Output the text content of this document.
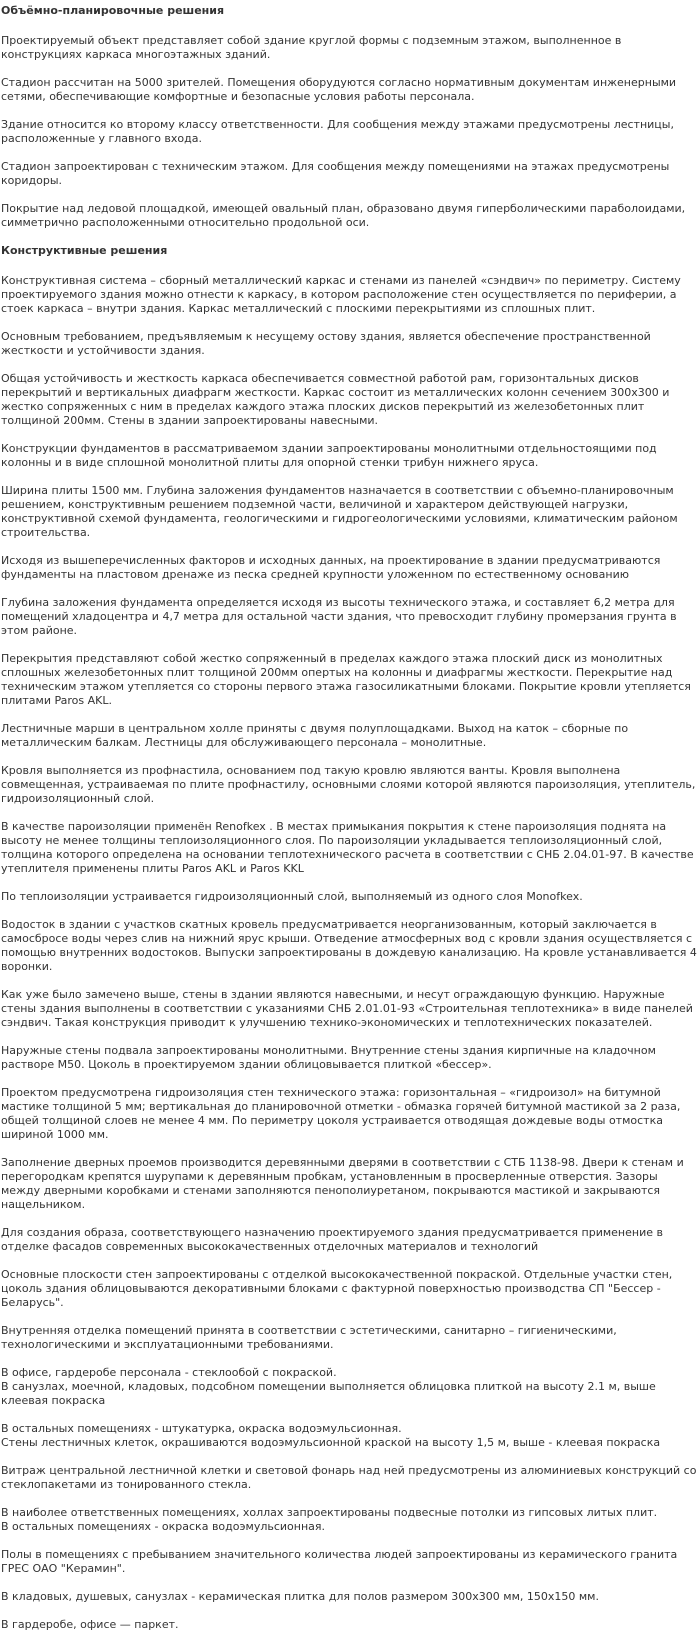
Объёмно-планировочные решения

Проектируемый объект представляет собой здание круглой формы с подземным этажом, выполненное в конструкциях каркаса многоэтажных зданий.

Стадион рассчитан на 5000 зрителей. Помещения оборудуются согласно нормативным документам инженерными сетями, обеспечивающие комфортные и безопасные условия работы персонала.

Здание относится ко второму классу ответственности. Для сообщения между этажами предусмотрены лестницы, расположенные у главного входа.

Стадион запроектирован с техническим этажом. Для сообщения между помещениями на этажах предусмотрены коридоры.

Покрытие над ледовой площадкой, имеющей овальный план, образовано двумя гиперболическими параболоидами, симметрично расположенными относительно продольной оси.

Конструктивные решения

Конструктивная система – сборный металлический каркас и стенами из панелей «сэндвич» по периметру. Систему проектируемого здания можно отнести к каркасу, в котором расположение стен осуществляется по периферии, а стоек каркаса – внутри здания. Каркас металлический с плоскими перекрытиями из сплошных плит.

Основным требованием, предъявляемым к несущему остову здания, является обеспечение пространственной жесткости и устойчивости здания.

Общая устойчивость и жесткость каркаса обеспечивается совместной работой рам, горизонтальных дисков перекрытий и вертикальных диафрагм жесткости. Каркас состоит из металлических колонн сечением 300х300 и жестко сопряженных с ним в пределах каждого этажа плоских дисков перекрытий из железобетонных плит толщиной 200мм. Стены в здании запроектированы навесными.

Конструкции фундаментов в рассматриваемом здании запроектированы монолитными отдельностоящими под колонны и в виде сплошной монолитной плиты для опорной стенки трибун нижнего яруса.

Ширина плиты 1500 мм. Глубина заложения фундаментов назначается в соответствии с объемно-планировочным решением, конструктивным решением подземной части, величиной и характером действующей нагрузки, конструктивной схемой фундамента, геологическими и гидрогеологическими условиями, климатическим районом строительства.

Исходя из вышеперечисленных факторов и исходных данных, на проектирование в здании предусматриваются фундаменты на пластовом дренаже из песка средней крупности уложенном по естественному основанию

Глубина заложения фундамента определяется исходя из высоты технического этажа, и составляет 6,2 метра для помещений хладоцентра и 4,7 метра для остальной части здания, что превосходит глубину промерзания грунта в этом районе.

Перекрытия представляют собой жестко сопряженный в пределах каждого этажа плоский диск из монолитных сплошных железобетонных плит толщиной 200мм опертых на колонны и диафрагмы жесткости. Перекрытие над техническим этажом утепляется со стороны первого этажа газосиликатными блоками. Покрытие кровли утепляется плитами Paros AKL.

Лестничные марши в центральном холле приняты с двумя полуплощадками. Выход на каток – сборные по металлическим балкам. Лестницы для обслуживающего персонала – монолитные.

Кровля выполняется из профнастила, основанием под такую кровлю являются ванты. Кровля выполнена совмещенная, устраиваемая по плите профнастилу, основными слоями которой являются пароизоляция, утеплитель, гидроизоляционный слой.

В качестве пароизоляции применён Renofkex . В местах примыкания покрытия к стене пароизоляция поднята на высоту не менее толщины теплоизоляционного слоя. По пароизоляции укладывается теплоизоляционный слой, толщина которого определена на основании теплотехнического расчета в соответствии с СНБ 2.04.01-97. В качестве утеплителя применены плиты Paros AKL и Paros KKL

По теплоизоляции устраивается гидроизоляционный слой, выполняемый из одного слоя Monofkex.

Водосток в здании с участков скатных кровель предусматривается неорганизованным, который заключается в самосбросе воды через слив на нижний ярус крыши. Отведение атмосферных вод с кровли здания осуществляется с помощью внутренних водостоков. Выпуски запроектированы в дождевую канализацию. На кровле устанавливается 4 воронки.

Как уже было замечено выше, стены в здании являются навесными, и несут ограждающую функцию. Наружные стены здания выполнены в соответствии с указаниями СНБ 2.01.01-93 «Строительная теплотехника» в виде панелей сэндвич. Такая конструкция приводит к улучшению технико-экономических и теплотехнических показателей.

Наружные стены подвала запроектированы монолитными. Внутренние стены здания кирпичные на кладочном растворе М50. Цоколь в проектируемом здании облицовывается плиткой «бессер».

Проектом предусмотрена гидроизоляция стен технического этажа: горизонтальная – «гидроизол» на битумной мастике толщиной 5 мм; вертикальная до планировочной отметки - обмазка горячей битумной мастикой за 2 раза, общей толщиной слоев не менее 4 мм. По периметру цоколя устраивается отводящая дождевые воды отмостка шириной 1000 мм.

Заполнение дверных проемов производится деревянными дверями в соответствии с СТБ 1138-98. Двери к стенам и перегородкам крепятся шурупами к деревянным пробкам, установленным в просверленные отверстия. Зазоры между дверными коробками и стенами заполняются пенополиуретаном, покрываются мастикой и закрываются нащельником.

Для создания образа, соответствующего назначению проектируемого здания предусматривается применение в отделке фасадов современных высококачественных отделочных материалов и технологий

Основные плоскости стен запроектированы с отделкой высококачественной покраской. Отдельные участки стен, цоколь здания облицовываются декоративными блоками с фактурной поверхностью производства СП "Бессер - Беларусь".

Внутренняя отделка помещений принята в соответствии с эстетическими, санитарно – гигиеническими, технологическими и эксплуатационными требованиями.

В офисе, гардеробе персонала - стеклообой с покраской.
В санузлах, моечной, кладовых, подсобном помещении выполняется облицовка плиткой на высоту 2.1 м, выше клеевая покраска

В остальных помещениях - штукатурка, окраска водоэмульсионная.
Стены лестничных клеток, окрашиваются водоэмульсионной краской на высоту 1,5 м, выше - клеевая покраска

Витраж центральной лестничной клетки и световой фонарь над ней предусмотрены из алюминиевых конструкций со стеклопакетами из тонированного стекла.

В наиболее ответственных помещениях, холлах запроектированы подвесные потолки из гипсовых литых плит.
В остальных помещениях - окраска водоэмульсионная.

Полы в помещениях с пребыванием значительного количества людей запроектированы из керамического гранита ГРЕС ОАО "Керамин".

В кладовых, душевых, санузлах - керамическая плитка для полов размером 300х300 мм, 150х150 мм.

В гардеробе, офисе — паркет.
